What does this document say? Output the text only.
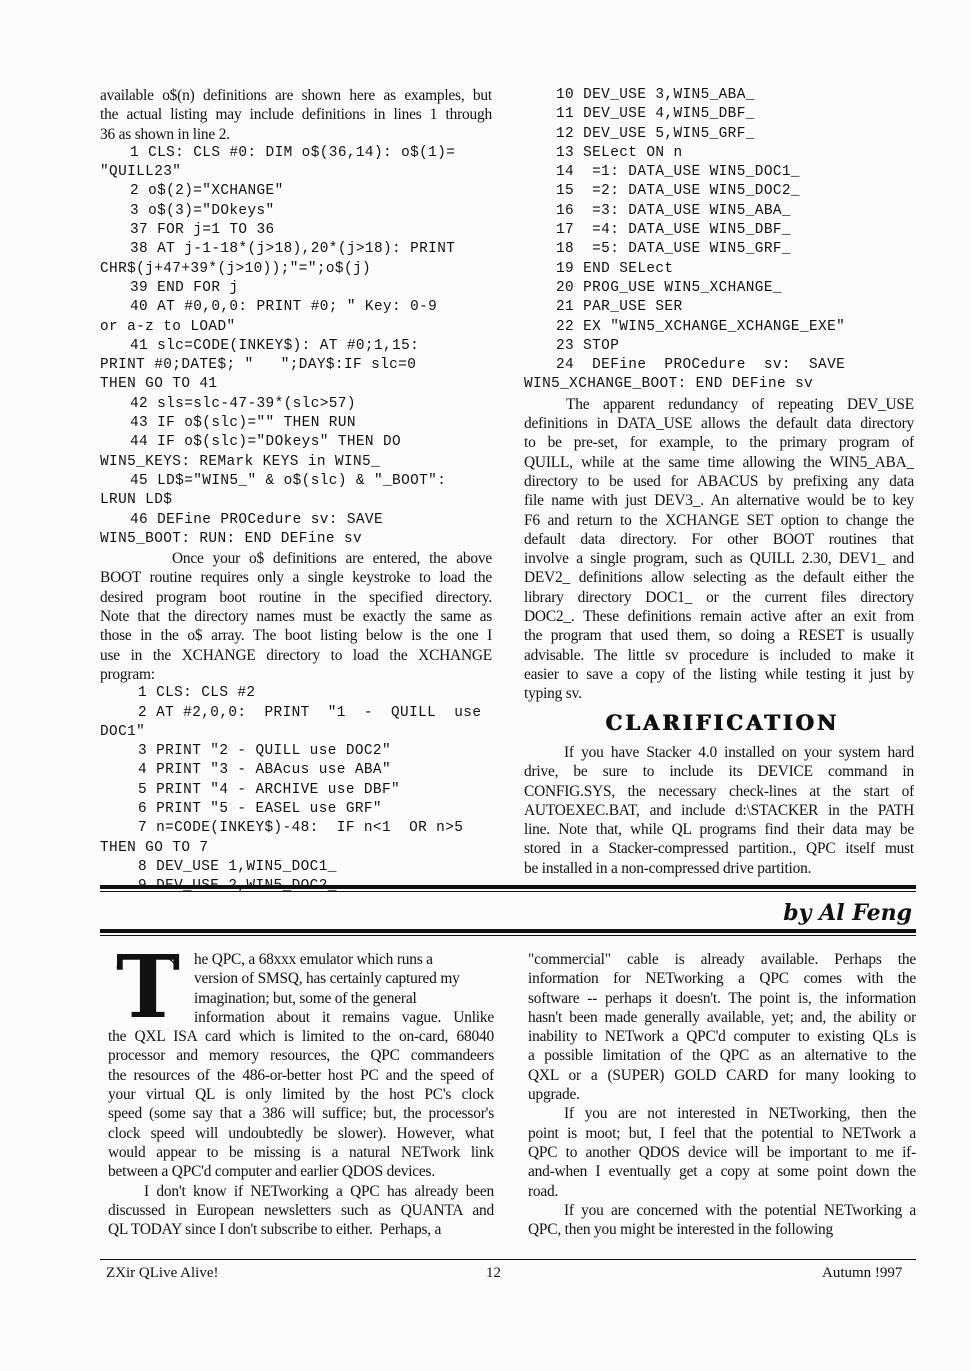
available o$(n) definitions are shown here as examples, but
the actual listing may include definitions in lines 1 through
36 as shown in line 2.
1 CLS: CLS #0: DIM o$(36,14): o$(1)=
"QUILL23"
2 o$(2)="XCHANGE"
3 o$(3)="DOkeys"
37 FOR j=1 TO 36
38 AT j-1-18*(j>18),20*(j>18): PRINT
CHR$(j+47+39*(j>10));"=";o$(j)
39 END FOR j
40 AT #0,0,0: PRINT #0; " Key: 0-9
or a-z to LOAD"
41 slc=CODE(INKEY$): AT #0;1,15:
PRINT #0;DATE$; "   ";DAY$:IF slc=0
THEN GO TO 41
42 sls=slc-47-39*(slc>57)
43 IF o$(slc)="" THEN RUN
44 IF o$(slc)="DOkeys" THEN DO
WIN5_KEYS: REMark KEYS in WIN5_
45 LD$="WIN5_" & o$(slc) & "_BOOT":
LRUN LD$
46 DEFine PROCedure sv: SAVE
WIN5_BOOT: RUN: END DEFine sv
Once your o$ definitions are entered, the above
BOOT routine requires only a single keystroke to load the
desired program boot routine in the specified directory.
Note that the directory names must be exactly the same as
those in the o$ array. The boot listing below is the one I
use in the XCHANGE directory to load the XCHANGE
program:
1 CLS: CLS #2
2 AT #2,0,0:  PRINT  "1  -  QUILL  use
DOC1"
3 PRINT "2 - QUILL use DOC2"
4 PRINT "3 - ABAcus use ABA"
5 PRINT "4 - ARCHIVE use DBF"
6 PRINT "5 - EASEL use GRF"
7 n=CODE(INKEY$)-48:  IF n<1  OR n>5
THEN GO TO 7
8 DEV_USE 1,WIN5_DOC1_
10 DEV_USE 3,WIN5_ABA_
11 DEV_USE 4,WIN5_DBF_
12 DEV_USE 5,WIN5_GRF_
13 SELect ON n
14  =1: DATA_USE WIN5_DOC1_
15  =2: DATA_USE WIN5_DOC2_
16  =3: DATA_USE WIN5_ABA_
17  =4: DATA_USE WIN5_DBF_
18  =5: DATA_USE WIN5_GRF_
19 END SELect
20 PROG_USE WIN5_XCHANGE_
21 PAR_USE SER
22 EX "WIN5_XCHANGE_XCHANGE_EXE"
23 STOP
24  DEFine  PROCedure  sv:  SAVE
WIN5_XCHANGE_BOOT: END DEFine sv
The apparent redundancy of repeating DEV_USE
definitions in DATA_USE allows the default data directory
to be pre-set, for example, to the primary program of
QUILL, while at the same time allowing the WIN5_ABA_
directory to be used for ABACUS by prefixing any data
file name with just DEV3_. An alternative would be to key
F6 and return to the XCHANGE SET option to change the
default data directory. For other BOOT routines that
involve a single program, such as QUILL 2.30, DEV1_ and
DEV2_ definitions allow selecting as the default either the
library directory DOC1_ or the current files directory
DOC2_. These definitions remain active after an exit from
the program that used them, so doing a RESET is usually
advisable. The little sv procedure is included to make it
easier to save a copy of the listing while testing it just by
typing sv.
CLARIFICATION
If you have Stacker 4.0 installed on your system hard
drive, be sure to include its DEVICE command in
CONFIG.SYS, the necessary check-lines at the start of
AUTOEXEC.BAT, and include d:\STACKER in the PATH
line. Note that, while QL programs find their data may be
stored in a Stacker-compressed partition., QPC itself must
be installed in a non-compressed drive partition.
by Al Feng
T he QPC, a 68xxx emulator which runs a
version of SMSQ, has certainly captured my
imagination; but, some of the general
information about it remains vague. Unlike
the QXL ISA card which is limited to the on-card, 68040
processor and memory resources, the QPC commandeers
the resources of the 486-or-better host PC and the speed of
your virtual QL is only limited by the host PC's clock
speed (some say that a 386 will suffice; but, the processor's
clock speed will undoubtedly be slower). However, what
would appear to be missing is a natural NETwork link
between a QPC'd computer and earlier QDOS devices.
I don't know if NETworking a QPC has already been
discussed in European newsletters such as QUANTA and
QL TODAY since I don't subscribe to either.  Perhaps, a
"commercial" cable is already available. Perhaps the
information for NETworking a QPC comes with the
software -- perhaps it doesn't. The point is, the information
hasn't been made generally available, yet; and, the ability or
inability to NETwork a QPC'd computer to existing QLs is
a possible limitation of the QPC as an alternative to the
QXL or a (SUPER) GOLD CARD for many looking to
upgrade.
If you are not interested in NETworking, then the
point is moot; but, I feel that the potential to NETwork a
QPC to another QDOS device will be important to me if-
and-when I eventually get a copy at some point down the
road.
If you are concerned with the potential NETworking a
QPC, then you might be interested in the following
ZXir QLive Alive!	12	Autumn !997
